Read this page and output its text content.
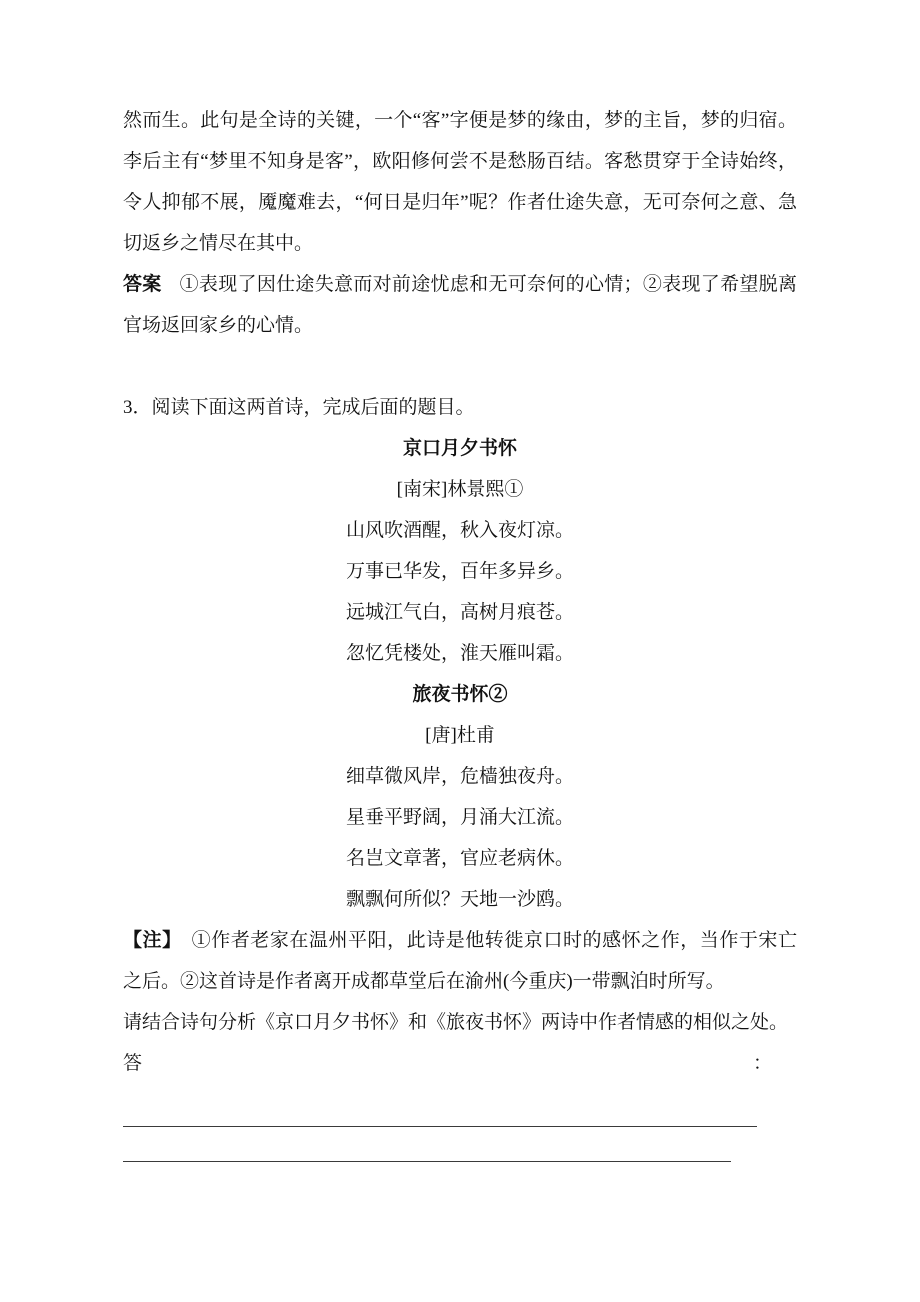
然而生。此句是全诗的关键，一个“客”字便是梦的缘由，梦的主旨，梦的归宿。李后主有“梦里不知身是客”，欧阳修何尝不是愁肠百结。客愁贯穿于全诗始终，令人抑郁不展，魇魔难去，“何日是归年”呢？作者仕途失意，无可奈何之意、急切返乡之情尽在其中。

答案 ①表现了因仕途失意而对前途忧虑和无可奈何的心情；②表现了希望脱离官场返回家乡的心情。

3．阅读下面这两首诗，完成后面的题目。

京口月夕书怀

[南宋]林景熙①

山风吹酒醒，秋入夜灯凉。

万事已华发，百年多异乡。

远城江气白，高树月痕苍。

忽忆凭楼处，淮天雁叫霜。

旅夜书怀②

[唐]杜甫

细草微风岸，危樯独夜舟。

星垂平野阔，月涌大江流。

名岂文章著，官应老病休。

飘飘何所似？天地一沙鸥。

【注】 ①作者老家在温州平阳，此诗是他转徙京口时的感怀之作，当作于宋亡之后。②这首诗是作者离开成都草堂后在渝州(今重庆)一带飘泊时所写。

请结合诗句分析《京口月夕书怀》和《旅夜书怀》两诗中作者情感的相似之处。

答	：
